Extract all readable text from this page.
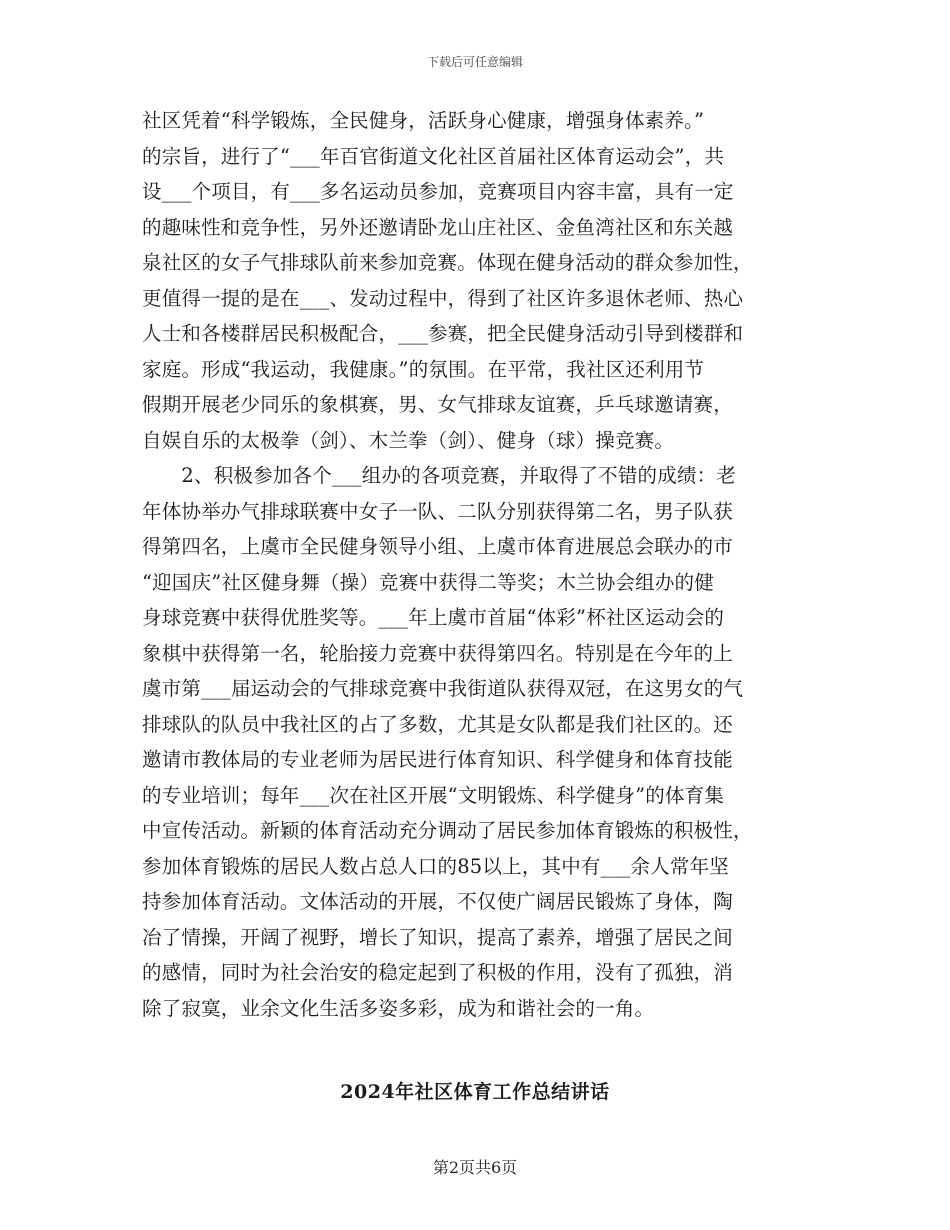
下载后可任意编辑
社区凭着“科学锻炼，全民健身，活跃身心健康，增强身体素养。”
的宗旨，进行了“___年百官街道文化社区首届社区体育运动会”，共
设___个项目，有___多名运动员参加，竞赛项目内容丰富，具有一定
的趣味性和竞争性，另外还邀请卧龙山庄社区、金鱼湾社区和东关越
泉社区的女子气排球队前来参加竞赛。体现在健身活动的群众参加性，
更值得一提的是在___、发动过程中，得到了社区许多退休老师、热心
人士和各楼群居民积极配合，___参赛，把全民健身活动引导到楼群和
家庭。形成“我运动，我健康。”的氛围。在平常，我社区还利用节
假期开展老少同乐的象棋赛，男、女气排球友谊赛，乒乓球邀请赛，
自娱自乐的太极拳（剑）、木兰拳（剑）、健身（球）操竞赛。
　　2、积极参加各个___组办的各项竞赛，并取得了不错的成绩：老
年体协举办气排球联赛中女子一队、二队分别获得第二名，男子队获
得第四名，上虞市全民健身领导小组、上虞市体育进展总会联办的市
“迎国庆”社区健身舞（操）竞赛中获得二等奖；木兰协会组办的健
身球竞赛中获得优胜奖等。___年上虞市首届“体彩”杯社区运动会的
象棋中获得第一名，轮胎接力竞赛中获得第四名。特别是在今年的上
虞市第___届运动会的气排球竞赛中我街道队获得双冠，在这男女的气
排球队的队员中我社区的占了多数，尤其是女队都是我们社区的。还
邀请市教体局的专业老师为居民进行体育知识、科学健身和体育技能
的专业培训；每年___次在社区开展“文明锻炼、科学健身”的体育集
中宣传活动。新颖的体育活动充分调动了居民参加体育锻炼的积极性，
参加体育锻炼的居民人数占总人口的85以上，其中有___余人常年坚
持参加体育活动。文体活动的开展，不仅使广阔居民锻炼了身体，陶
冶了情操，开阔了视野，增长了知识，提高了素养，增强了居民之间
的感情，同时为社会治安的稳定起到了积极的作用，没有了孤独，消
除了寂寞，业余文化生活多姿多彩，成为和谐社会的一角。
2024年社区体育工作总结讲话
第2页共6页
